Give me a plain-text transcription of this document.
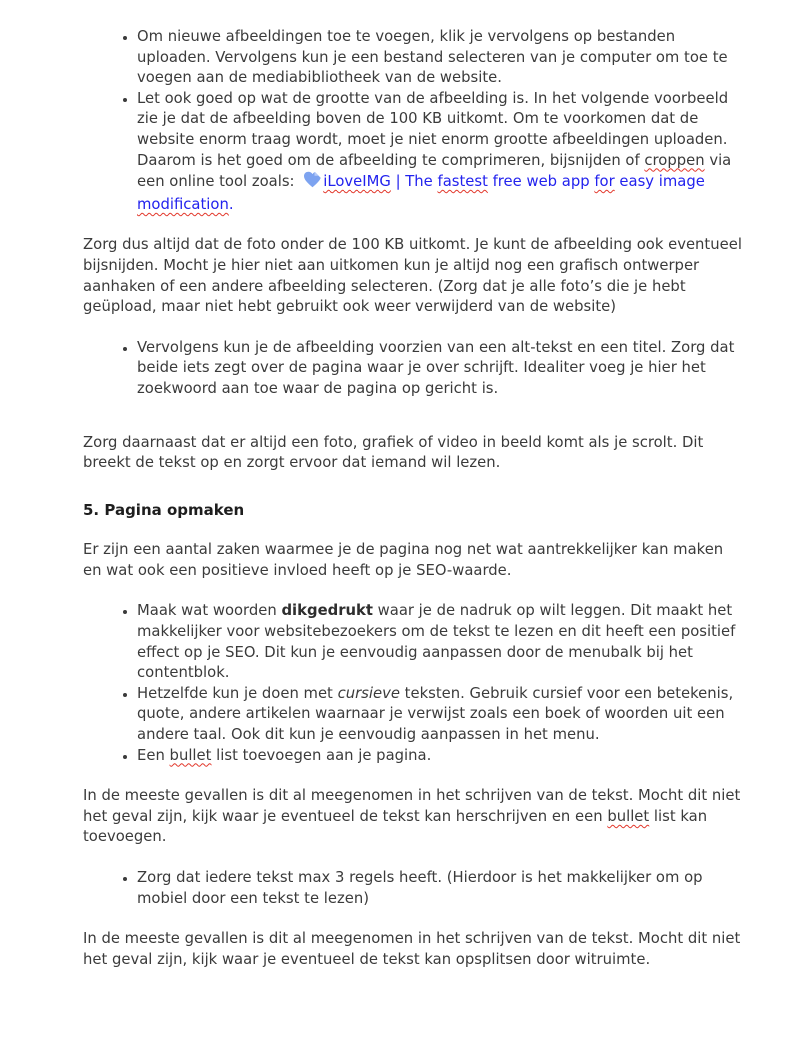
• Om nieuwe afbeeldingen toe te voegen, klik je vervolgens op bestanden uploaden. Vervolgens kun je een bestand selecteren van je computer om toe te voegen aan de mediabibliotheek van de website.
• Let ook goed op wat de grootte van de afbeelding is. In het volgende voorbeeld zie je dat de afbeelding boven de 100 KB uitkomt. Om te voorkomen dat de website enorm traag wordt, moet je niet enorm grootte afbeeldingen uploaden. Daarom is het goed om de afbeelding te comprimeren, bijsnijden of croppen via een online tool zoals: iLoveIMG | The fastest free web app for easy image modification.

Zorg dus altijd dat de foto onder de 100 KB uitkomt. Je kunt de afbeelding ook eventueel bijsnijden. Mocht je hier niet aan uitkomen kun je altijd nog een grafisch ontwerper aanhaken of een andere afbeelding selecteren. (Zorg dat je alle foto’s die je hebt geüpload, maar niet hebt gebruikt ook weer verwijderd van de website)

• Vervolgens kun je de afbeelding voorzien van een alt-tekst en een titel. Zorg dat beide iets zegt over de pagina waar je over schrijft. Idealiter voeg je hier het zoekwoord aan toe waar de pagina op gericht is.

Zorg daarnaast dat er altijd een foto, grafiek of video in beeld komt als je scrolt. Dit breekt de tekst op en zorgt ervoor dat iemand wil lezen.

5. Pagina opmaken

Er zijn een aantal zaken waarmee je de pagina nog net wat aantrekkelijker kan maken en wat ook een positieve invloed heeft op je SEO-waarde.

• Maak wat woorden dikgedrukt waar je de nadruk op wilt leggen. Dit maakt het makkelijker voor websitebezoekers om de tekst te lezen en dit heeft een positief effect op je SEO. Dit kun je eenvoudig aanpassen door de menubalk bij het contentblok.
• Hetzelfde kun je doen met cursieve teksten. Gebruik cursief voor een betekenis, quote, andere artikelen waarnaar je verwijst zoals een boek of woorden uit een andere taal. Ook dit kun je eenvoudig aanpassen in het menu.
• Een bullet list toevoegen aan je pagina.

In de meeste gevallen is dit al meegenomen in het schrijven van de tekst. Mocht dit niet het geval zijn, kijk waar je eventueel de tekst kan herschrijven en een bullet list kan toevoegen.

• Zorg dat iedere tekst max 3 regels heeft. (Hierdoor is het makkelijker om op mobiel door een tekst te lezen)

In de meeste gevallen is dit al meegenomen in het schrijven van de tekst. Mocht dit niet het geval zijn, kijk waar je eventueel de tekst kan opsplitsen door witruimte.
